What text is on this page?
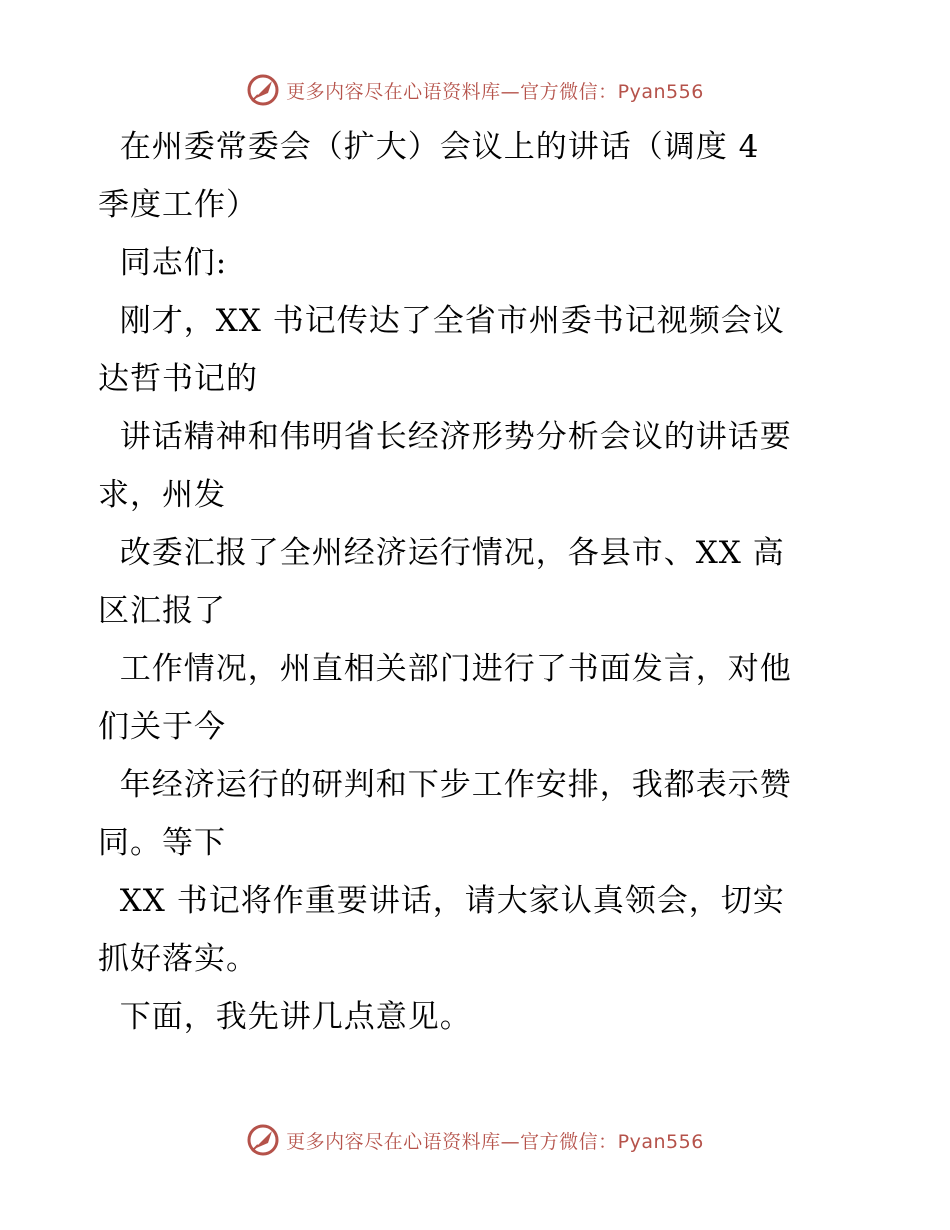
更多内容尽在心语资料库—官方微信：Pyan556

在州委常委会（扩大）会议上的讲话（调度 4

季度工作）

同志们:

刚才，XX 书记传达了全省市州委书记视频会议

达哲书记的

讲话精神和伟明省长经济形势分析会议的讲话要

求，州发

改委汇报了全州经济运行情况，各县市、XX 高

区汇报了

工作情况，州直相关部门进行了书面发言，对他

们关于今

年经济运行的研判和下步工作安排，我都表示赞

同。等下

XX 书记将作重要讲话，请大家认真领会，切实

抓好落实。

下面，我先讲几点意见。

更多内容尽在心语资料库—官方微信：Pyan556
